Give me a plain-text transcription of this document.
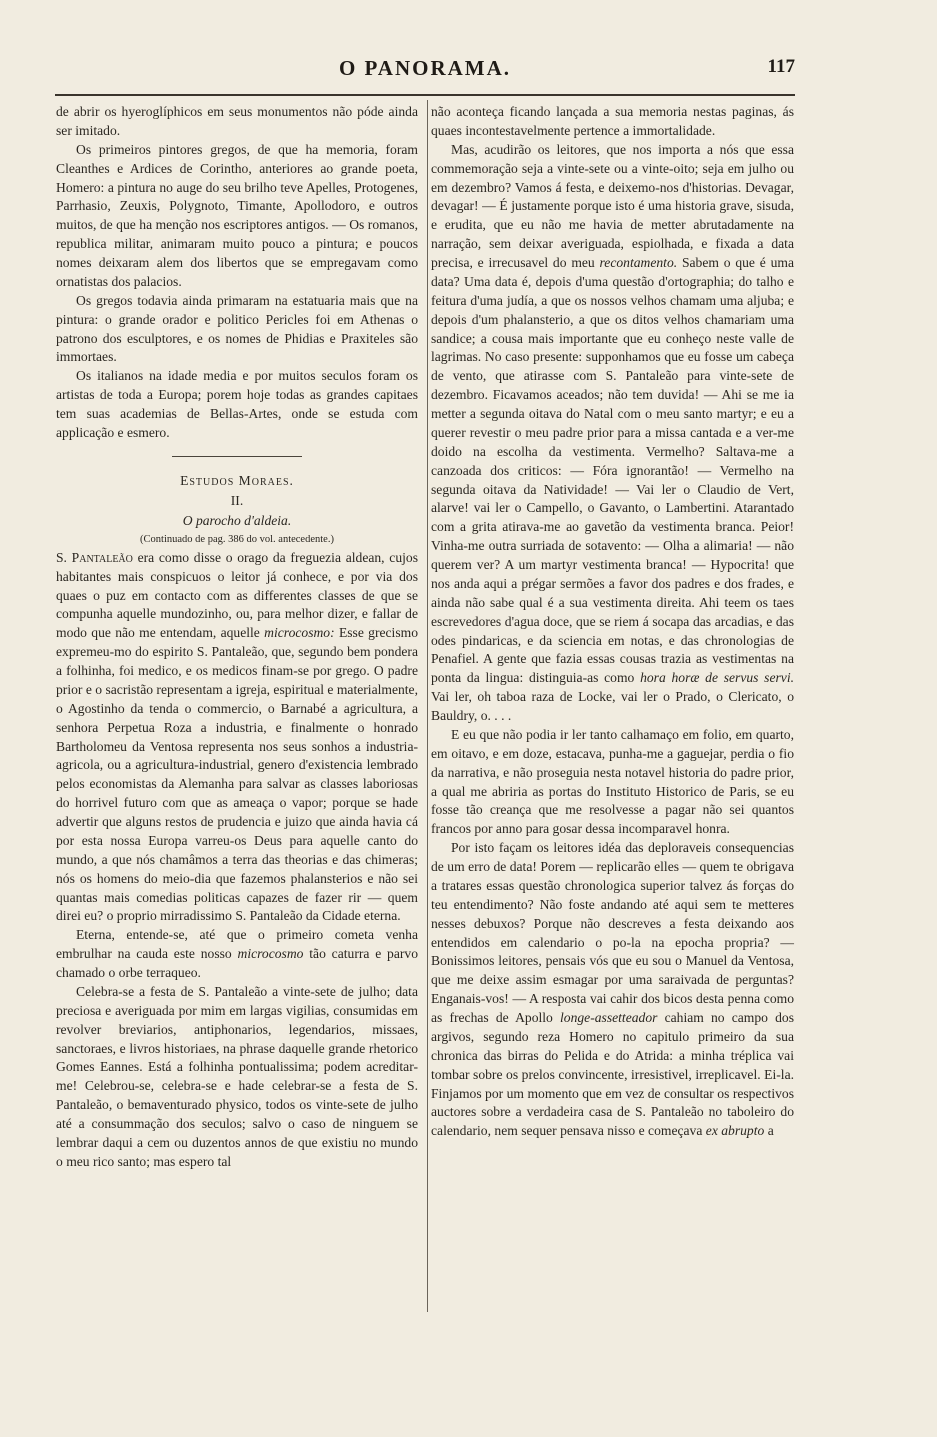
O PANORAMA.	117

de abrir os hyeroglíphicos em seus monumentos não póde ainda ser imitado.

Os primeiros pintores gregos, de que ha memoria, foram Cleanthes e Ardices de Corintho, anteriores ao grande poeta, Homero: a pintura no auge do seu brilho teve Apelles, Protogenes, Parrhasio, Zeuxis, Polygnoto, Timante, Apollodoro, e outros muitos, de que ha menção nos escriptores antigos. — Os romanos, republica militar, animaram muito pouco a pintura; e poucos nomes deixaram alem dos libertos que se empregavam como ornatistas dos palacios.

Os gregos todavia ainda primaram na estatuaria mais que na pintura: o grande orador e politico Pericles foi em Athenas o patrono dos esculptores, e os nomes de Phidias e Praxiteles são immortaes.

Os italianos na idade media e por muitos seculos foram os artistas de toda a Europa; porem hoje todas as grandes capitaes tem suas academias de Bellas-Artes, onde se estuda com applicação e esmero.

Estudos Moraes.

II.

O parocho d'aldeia.

(Continuado de pag. 386 do vol. antecedente.)

S. Pantaleão era como disse o orago da freguezia aldean, cujos habitantes mais conspicuos o leitor já conhece, e por via dos quaes o puz em contacto com as differentes classes de que se compunha aquelle mundozinho, ou, para melhor dizer, e fallar de modo que não me entendam, aquelle microcosmo: Esse grecismo expremeu-mo do espirito S. Pantaleão, que, segundo bem pondera a folhinha, foi medico, e os medicos finam-se por grego. O padre prior e o sacristão representam a igreja, espiritual e materialmente, o Agostinho da tenda o commercio, o Barnabé a agricultura, a senhora Perpetua Roza a industria, e finalmente o honrado Bartholomeu da Ventosa representa nos seus sonhos a industria-agricola, ou a agricultura-industrial, genero d'existencia lembrado pelos economistas da Alemanha para salvar as classes laboriosas do horrivel futuro com que as ameaça o vapor; porque se hade advertir que alguns restos de prudencia e juizo que ainda havia cá por esta nossa Europa varreu-os Deus para aquelle canto do mundo, a que nós chamâmos a terra das theorias e das chimeras; nós os homens do meio-dia que fazemos phalansterios e não sei quantas mais comedias politicas capazes de fazer rir — quem direi eu? o proprio mirradissimo S. Pantaleão da Cidade eterna.

Eterna, entende-se, até que o primeiro cometa venha embrulhar na cauda este nosso microcosmo tão caturra e parvo chamado o orbe terraqueo.

Celebra-se a festa de S. Pantaleão a vinte-sete de julho; data preciosa e averiguada por mim em largas vigilias, consumidas em revolver breviarios, antiphonarios, legendarios, missaes, sanctoraes, e livros historiaes, na phrase daquelle grande rhetorico Gomes Eannes. Está a folhinha pontualissima; podem acreditar-me! Celebrou-se, celebra-se e hade celebrar-se a festa de S. Pantaleão, o bemaventurado physico, todos os vinte-sete de julho até a consummação dos seculos; salvo o caso de ninguem se lembrar daqui a cem ou duzentos annos de que existiu no mundo o meu rico santo; mas espero tal

não aconteça ficando lançada a sua memoria nestas paginas, ás quaes incontestavelmente pertence a immortalidade.

Mas, acudirão os leitores, que nos importa a nós que essa commemoração seja a vinte-sete ou a vinte-oito; seja em julho ou em dezembro? Vamos á festa, e deixemo-nos d'historias. Devagar, devagar! — É justamente porque isto é uma historia grave, sisuda, e erudita, que eu não me havia de metter abrutadamente na narração, sem deixar averiguada, espiolhada, e fixada a data precisa, e irrecusavel do meu recontamento. Sabem o que é uma data? Uma data é, depois d'uma questão d'ortographia; do talho e feitura d'uma judía, a que os nossos velhos chamam uma aljuba; e depois d'um phalansterio, a que os ditos velhos chamariam uma sandice; a cousa mais importante que eu conheço neste valle de lagrimas. No caso presente: supponhamos que eu fosse um cabeça de vento, que atirasse com S. Pantaleão para vinte-sete de dezembro. Ficavamos aceados; não tem duvida! — Ahi se me ia metter a segunda oitava do Natal com o meu santo martyr; e eu a querer revestir o meu padre prior para a missa cantada e a ver-me doido na escolha da vestimenta. Vermelho? Saltava-me a canzoada dos criticos: — Fóra ignorantão! — Vermelho na segunda oitava da Natividade! — Vai ler o Claudio de Vert, alarve! vai ler o Campello, o Gavanto, o Lambertini. Atarantado com a grita atirava-me ao gavetão da vestimenta branca. Peior! Vinha-me outra surriada de sotavento: — Olha a alimaria! — não querem ver? A um martyr vestimenta branca! — Hypocrita! que nos anda aqui a prégar sermões a favor dos padres e dos frades, e ainda não sabe qual é a sua vestimenta direita. Ahi teem os taes escrevedores d'agua doce, que se riem á socapa das arcadias, e das odes pindaricas, e da sciencia em notas, e das chronologias de Penafiel. A gente que fazia essas cousas trazia as vestimentas na ponta da lingua: distinguia-as como hora horæ de servus servi. Vai ler, oh taboa raza de Locke, vai ler o Prado, o Clericato, o Bauldry, o. . . .

E eu que não podia ir ler tanto calhamaço em folio, em quarto, em oitavo, e em doze, estacava, punha-me a gaguejar, perdia o fio da narrativa, e não proseguia nesta notavel historia do padre prior, a qual me abriria as portas do Instituto Historico de Paris, se eu fosse tão creança que me resolvesse a pagar não sei quantos francos por anno para gosar dessa incomparavel honra.

Por isto façam os leitores idéa das deploraveis consequencias de um erro de data! Porem — replicarão elles — quem te obrigava a tratares essas questão chronologica superior talvez ás forças do teu entendimento? Não foste andando até aqui sem te metteres nesses debuxos? Porque não descreves a festa deixando aos entendidos em calendario o po-la na epocha propria? — Bonissimos leitores, pensais vós que eu sou o Manuel da Ventosa, que me deixe assim esmagar por uma saraivada de perguntas? Enganais-vos! — A resposta vai cahir dos bicos desta penna como as frechas de Apollo longe-assetteador cahiam no campo dos argivos, segundo reza Homero no capitulo primeiro da sua chronica das birras do Pelida e do Atrida: a minha tréplica vai tombar sobre os prelos convincente, irresistivel, irreplicavel. Ei-la. Finjamos por um momento que em vez de consultar os respectivos auctores sobre a verdadeira casa de S. Pantaleão no taboleiro do calendario, nem sequer pensava nisso e começava ex abrupto a
